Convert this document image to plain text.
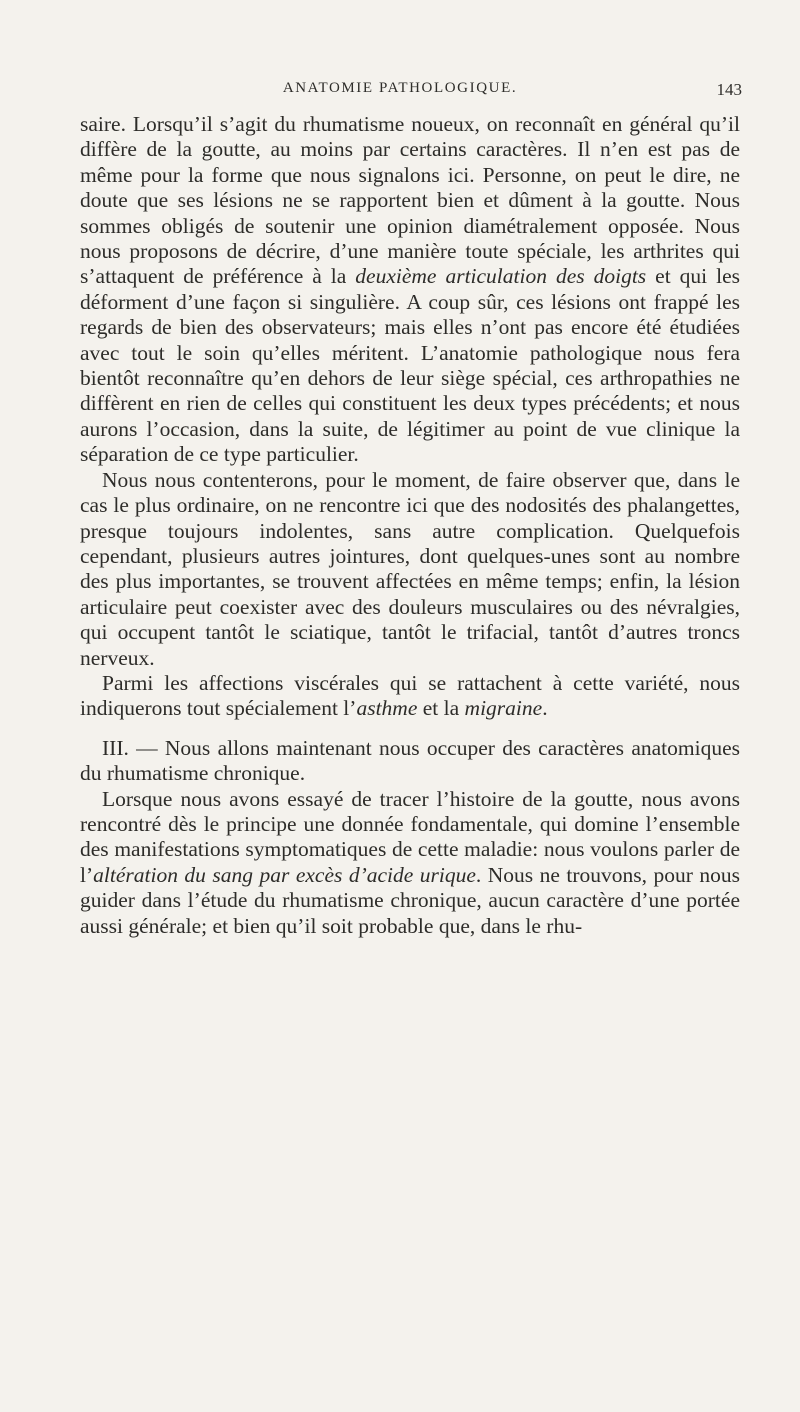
ANATOMIE PATHOLOGIQUE.	143

saire. Lorsqu’il s’agit du rhumatisme noueux, on reconnaît en général qu’il diffère de la goutte, au moins par certains caractères. Il n’en est pas de même pour la forme que nous signalons ici. Personne, on peut le dire, ne doute que ses lésions ne se rapportent bien et dûment à la goutte. Nous sommes obligés de soutenir une opinion diamétralement opposée. Nous nous proposons de décrire, d’une manière toute spéciale, les arthrites qui s’attaquent de préférence à la deuxième articulation des doigts et qui les déforment d’une façon si singulière. A coup sûr, ces lésions ont frappé les regards de bien des observateurs; mais elles n’ont pas encore été étudiées avec tout le soin qu’elles méritent. L’anatomie pathologique nous fera bientôt reconnaître qu’en dehors de leur siège spécial, ces arthropathies ne diffèrent en rien de celles qui constituent les deux types précédents; et nous aurons l’occasion, dans la suite, de légitimer au point de vue clinique la séparation de ce type particulier.

Nous nous contenterons, pour le moment, de faire observer que, dans le cas le plus ordinaire, on ne rencontre ici que des nodosités des phalangettes, presque toujours indolentes, sans autre complication. Quelquefois cependant, plusieurs autres jointures, dont quelques-unes sont au nombre des plus importantes, se trouvent affectées en même temps; enfin, la lésion articulaire peut coexister avec des douleurs musculaires ou des névralgies, qui occupent tantôt le sciatique, tantôt le trifacial, tantôt d’autres troncs nerveux.

Parmi les affections viscérales qui se rattachent à cette variété, nous indiquerons tout spécialement l’asthme et la migraine.

III. — Nous allons maintenant nous occuper des caractères anatomiques du rhumatisme chronique.

Lorsque nous avons essayé de tracer l’histoire de la goutte, nous avons rencontré dès le principe une donnée fondamentale, qui domine l’ensemble des manifestations symptomatiques de cette maladie: nous voulons parler de l’altération du sang par excès d’acide urique. Nous ne trouvons, pour nous guider dans l’étude du rhumatisme chronique, aucun caractère d’une portée aussi générale; et bien qu’il soit probable que, dans le rhu-
